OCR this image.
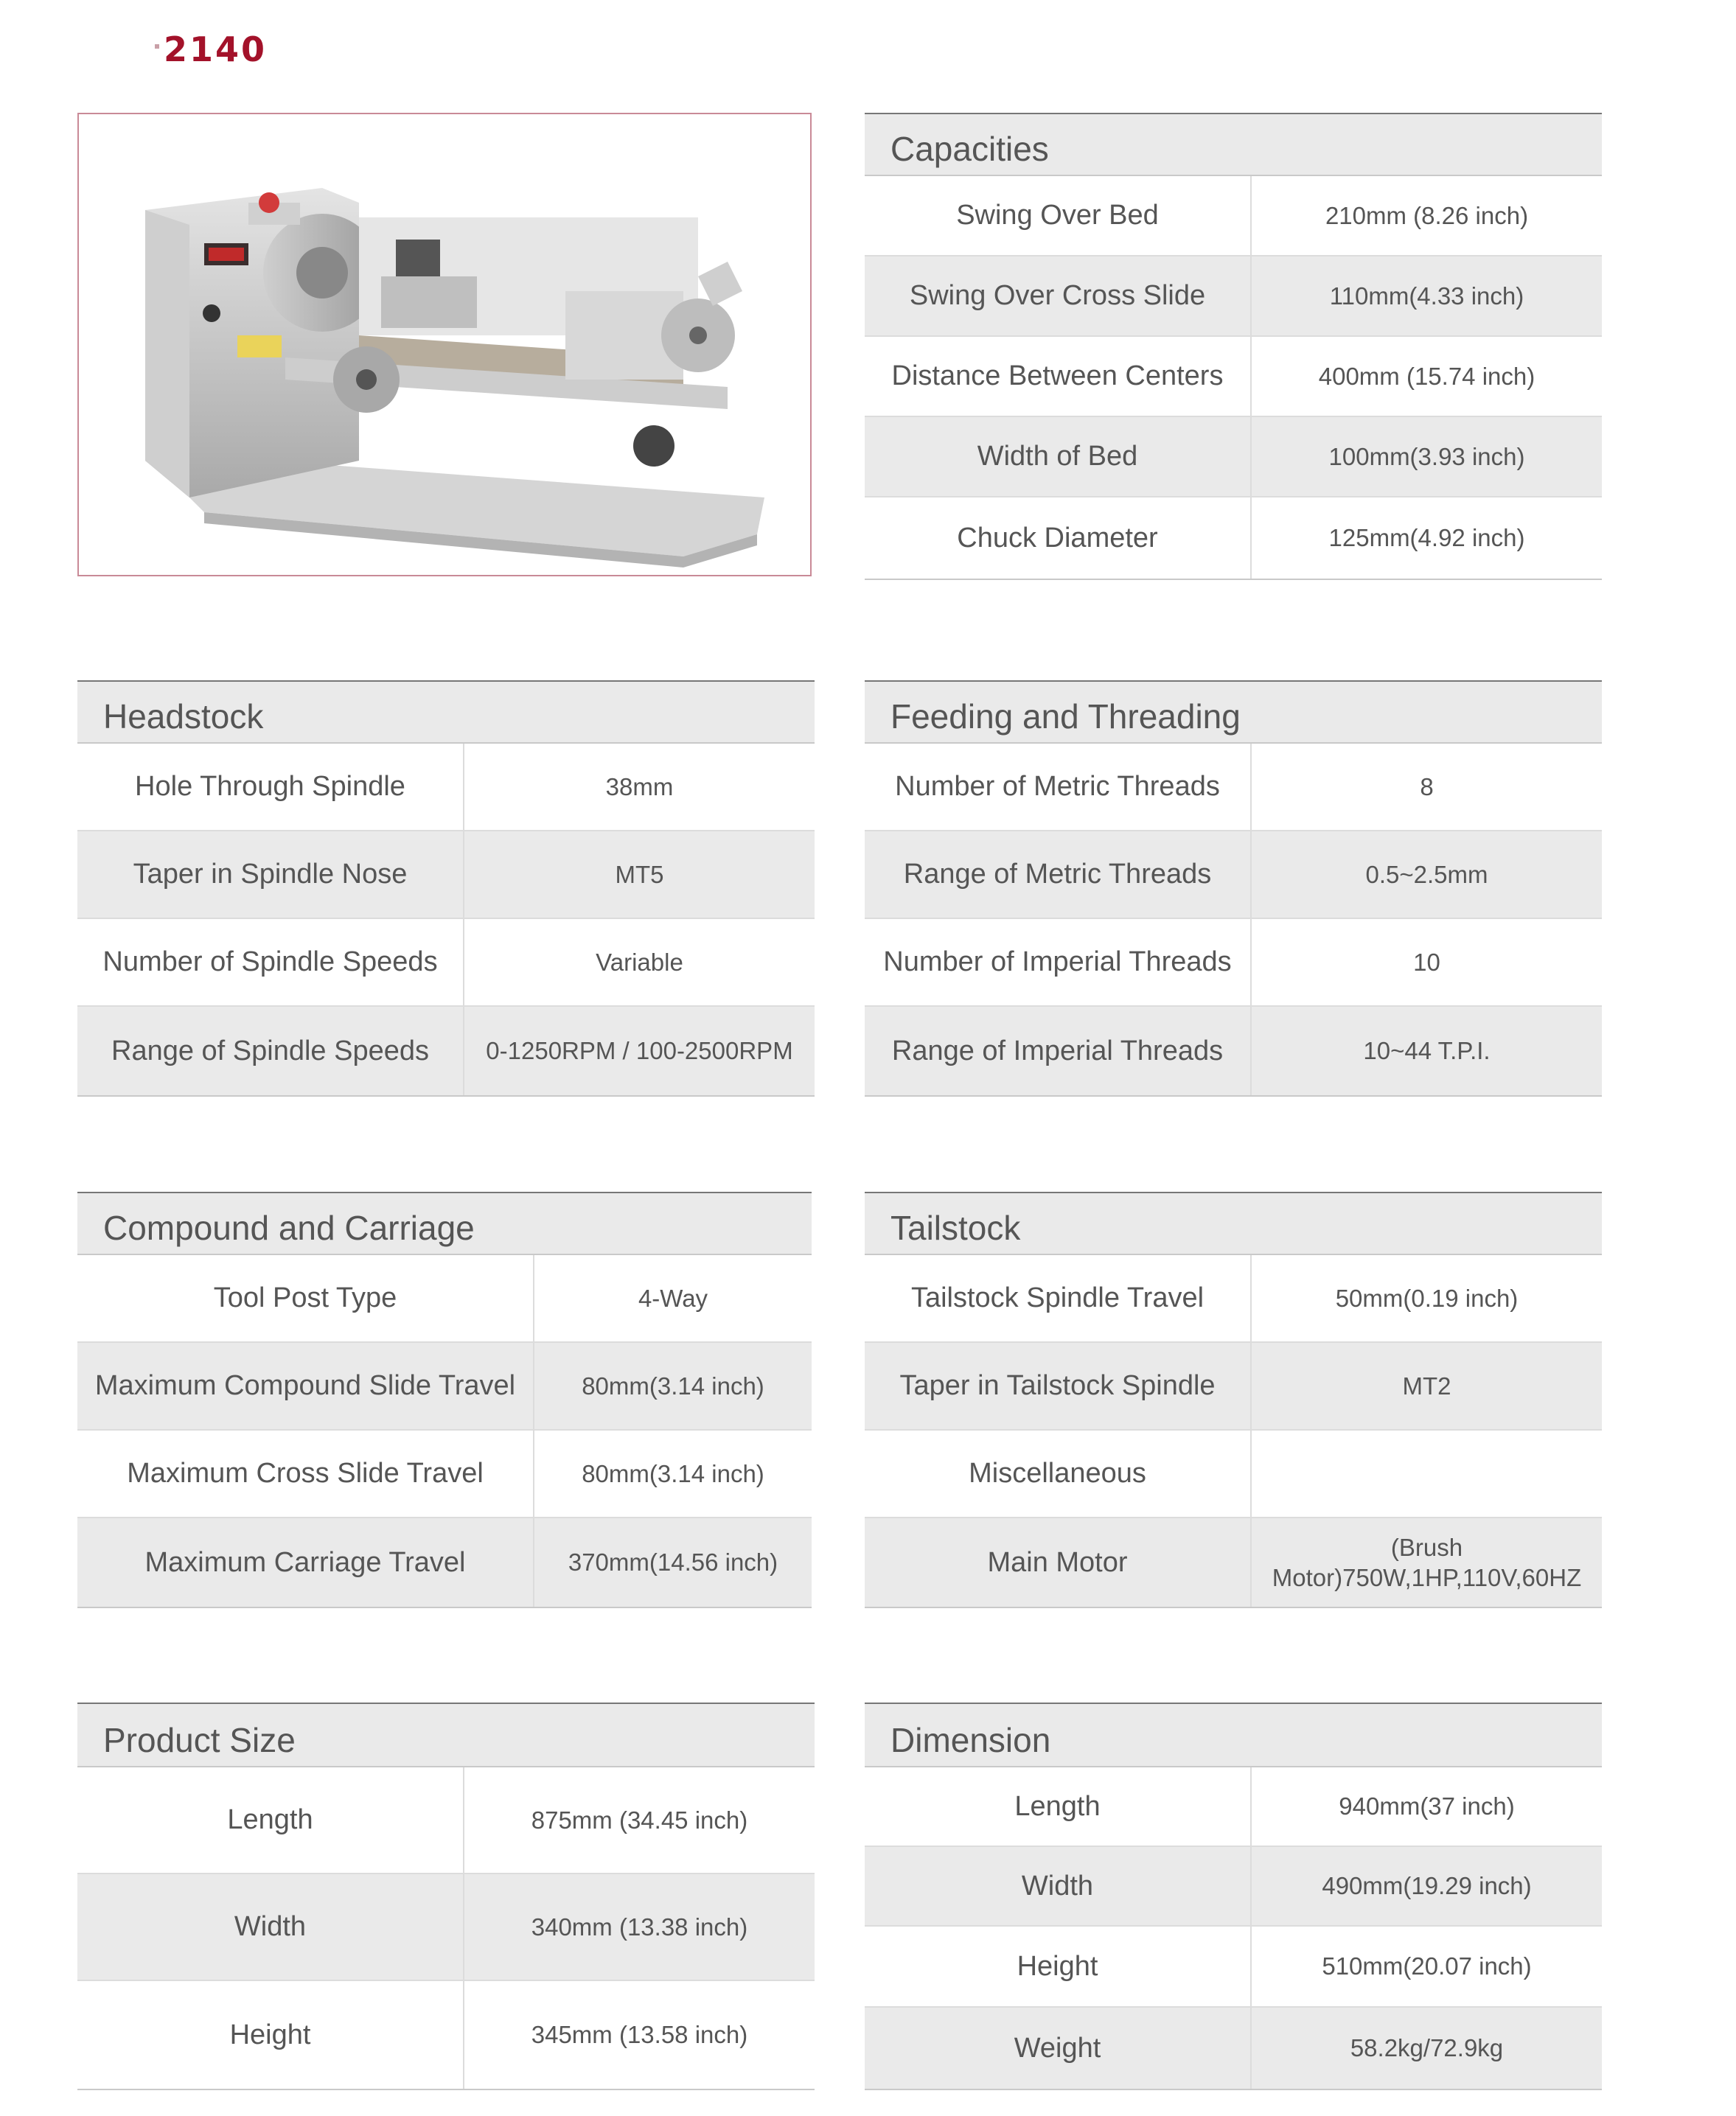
2140
Capacities
Swing Over Bed	210mm (8.26 inch)
Swing Over Cross Slide	110mm(4.33 inch)
Distance Between Centers	400mm (15.74 inch)
Width of Bed	100mm(3.93 inch)
Chuck Diameter	125mm(4.92 inch)
Headstock
Hole Through Spindle	38mm
Taper in Spindle Nose	MT5
Number of Spindle Speeds	Variable
Range of Spindle Speeds	0-1250RPM / 100-2500RPM
Feeding and Threading
Number of Metric Threads	8
Range of Metric Threads	0.5~2.5mm
Number of Imperial Threads	10
Range of Imperial Threads	10~44 T.P.I.
Compound and Carriage
Tool Post Type	4-Way
Maximum Compound Slide Travel	80mm(3.14 inch)
Maximum Cross Slide Travel	80mm(3.14 inch)
Maximum Carriage Travel	370mm(14.56 inch)
Tailstock
Tailstock Spindle Travel	50mm(0.19 inch)
Taper in Tailstock Spindle	MT2
Miscellaneous
Main Motor	(Brush Motor)750W,1HP,110V,60HZ
Product Size
Length	875mm (34.45 inch)
Width	340mm (13.38 inch)
Height	345mm (13.58 inch)
Dimension
Length	940mm(37 inch)
Width	490mm(19.29 inch)
Height	510mm(20.07 inch)
Weight	58.2kg/72.9kg
